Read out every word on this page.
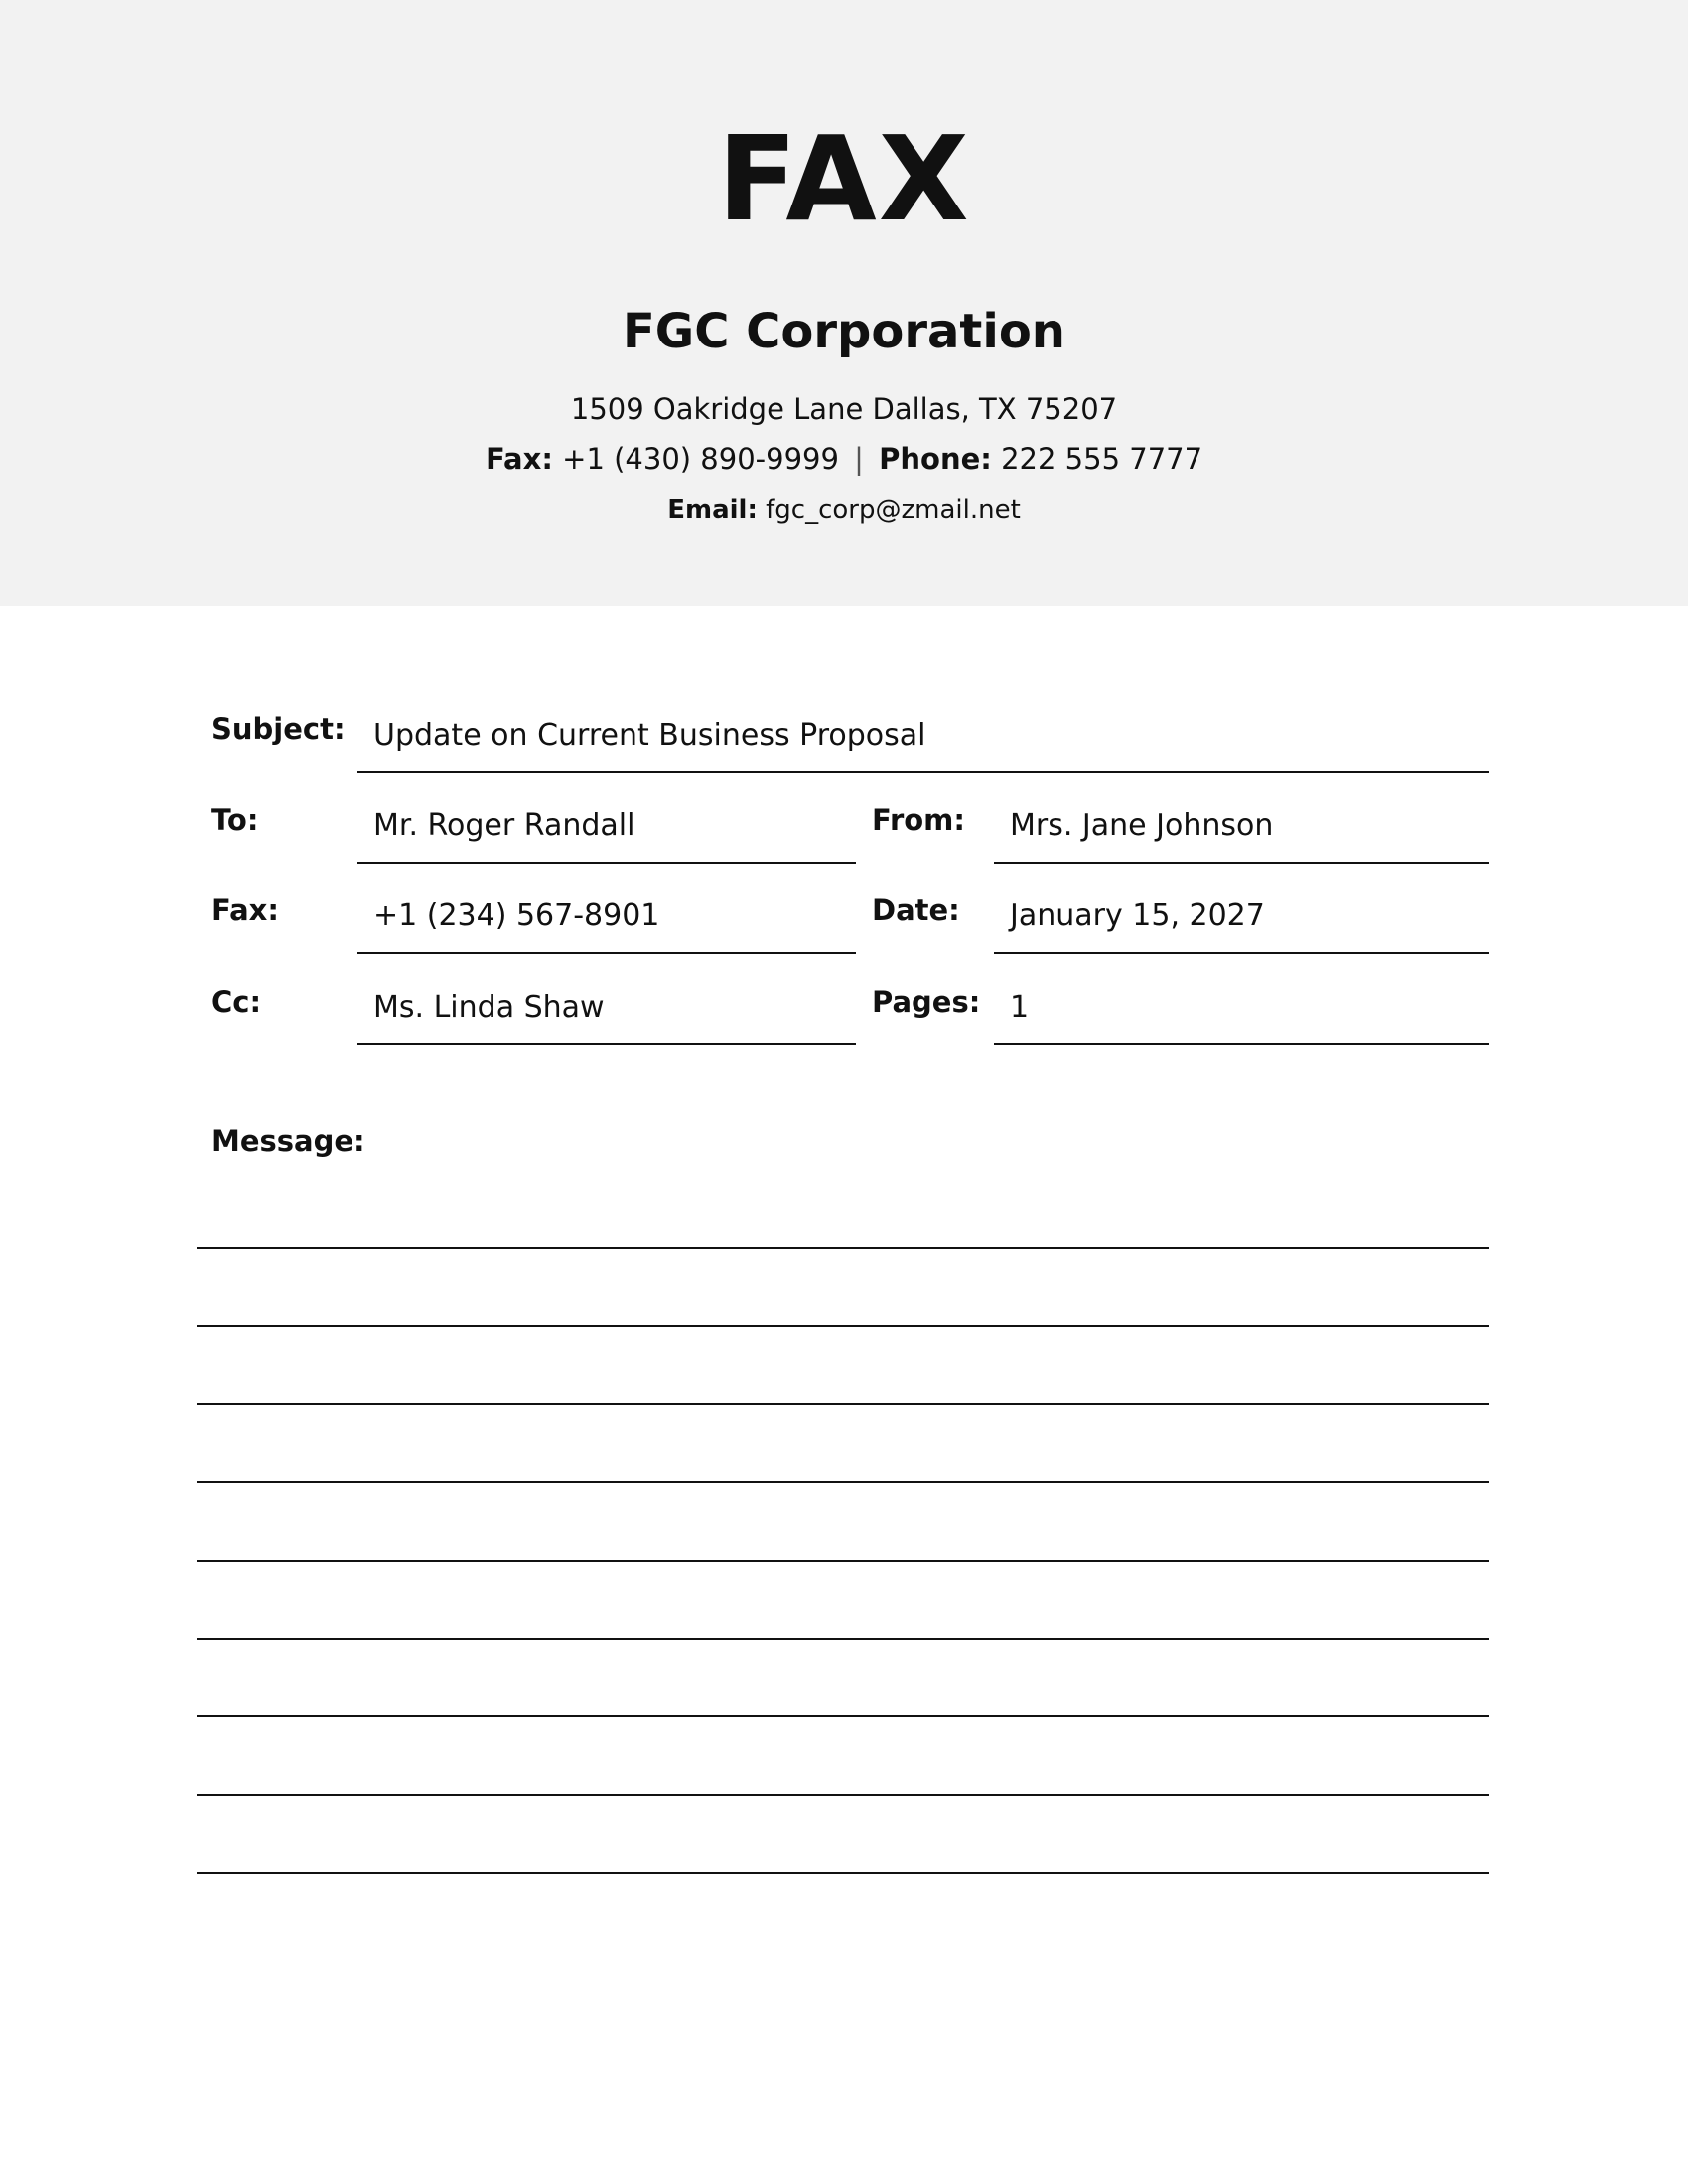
FAX
FGC Corporation
1509 Oakridge Lane Dallas, TX 75207
Fax: +1 (430) 890-9999 | Phone: 222 555 7777
Email: fgc_corp@zmail.net
Subject: Update on Current Business Proposal
To:	Mr. Roger Randall	From:	Mrs. Jane Johnson
Fax:	+1 (234) 567-8901	Date:	January 15, 2027
Cc:	Ms. Linda Shaw	Pages: 1
Message:
